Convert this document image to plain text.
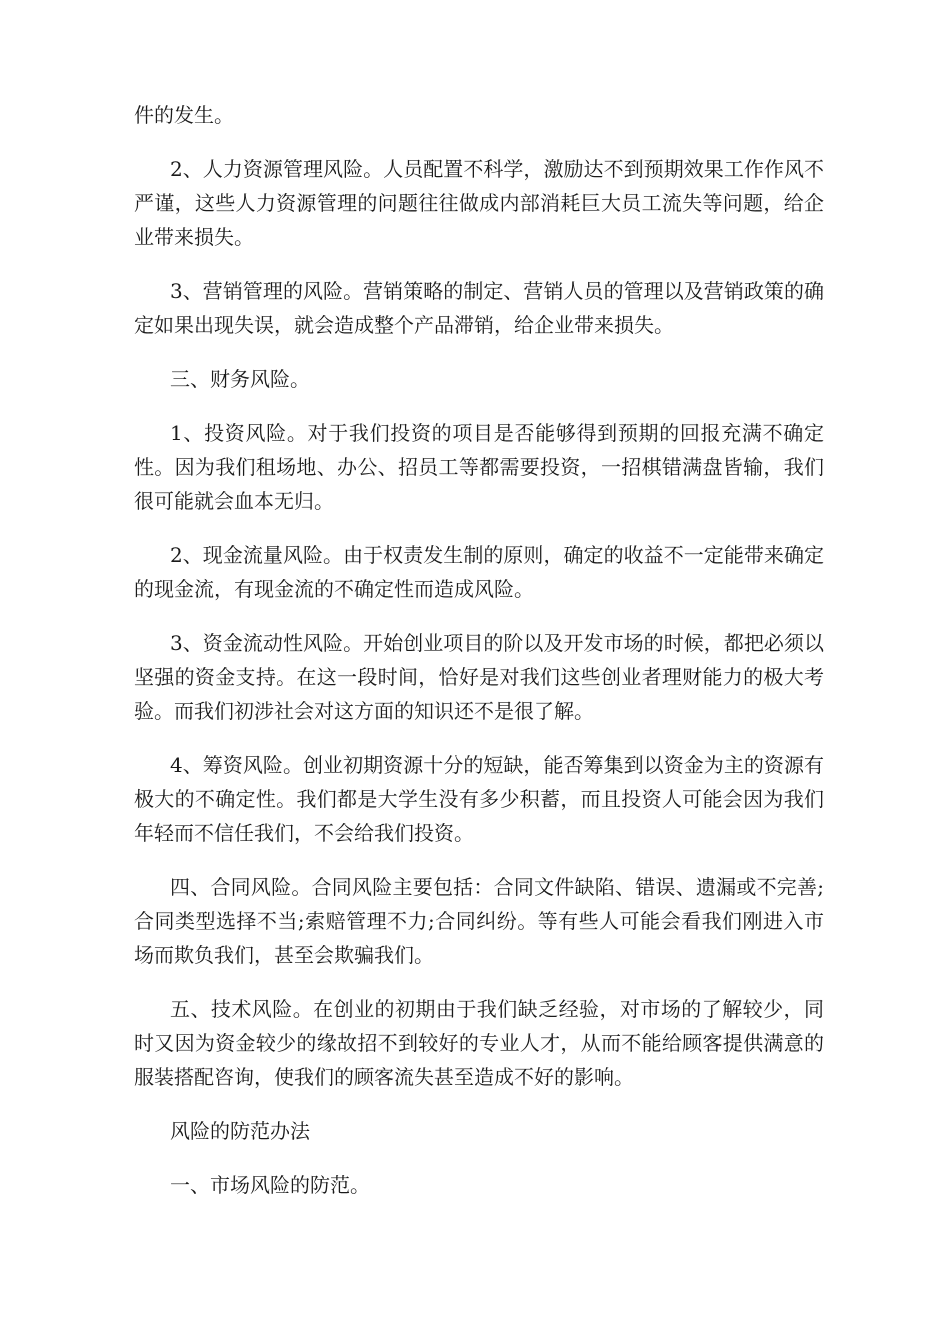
件的发生。

2、人力资源管理风险。人员配置不科学，激励达不到预期效果工作作风不严谨，这些人力资源管理的问题往往做成内部消耗巨大员工流失等问题，给企业带来损失。

3、营销管理的风险。营销策略的制定、营销人员的管理以及营销政策的确定如果出现失误，就会造成整个产品滞销，给企业带来损失。

三、财务风险。

1、投资风险。对于我们投资的项目是否能够得到预期的回报充满不确定性。因为我们租场地、办公、招员工等都需要投资，一招棋错满盘皆输，我们很可能就会血本无归。

2、现金流量风险。由于权责发生制的原则，确定的收益不一定能带来确定的现金流，有现金流的不确定性而造成风险。

3、资金流动性风险。开始创业项目的阶以及开发市场的时候，都把必须以坚强的资金支持。在这一段时间，恰好是对我们这些创业者理财能力的极大考验。而我们初涉社会对这方面的知识还不是很了解。

4、筹资风险。创业初期资源十分的短缺，能否筹集到以资金为主的资源有极大的不确定性。我们都是大学生没有多少积蓄，而且投资人可能会因为我们年轻而不信任我们，不会给我们投资。

四、合同风险。合同风险主要包括：合同文件缺陷、错误、遗漏或不完善;合同类型选择不当;索赔管理不力;合同纠纷。等有些人可能会看我们刚进入市场而欺负我们，甚至会欺骗我们。

五、技术风险。在创业的初期由于我们缺乏经验，对市场的了解较少，同时又因为资金较少的缘故招不到较好的专业人才，从而不能给顾客提供满意的服装搭配咨询，使我们的顾客流失甚至造成不好的影响。

风险的防范办法

一、市场风险的防范。
